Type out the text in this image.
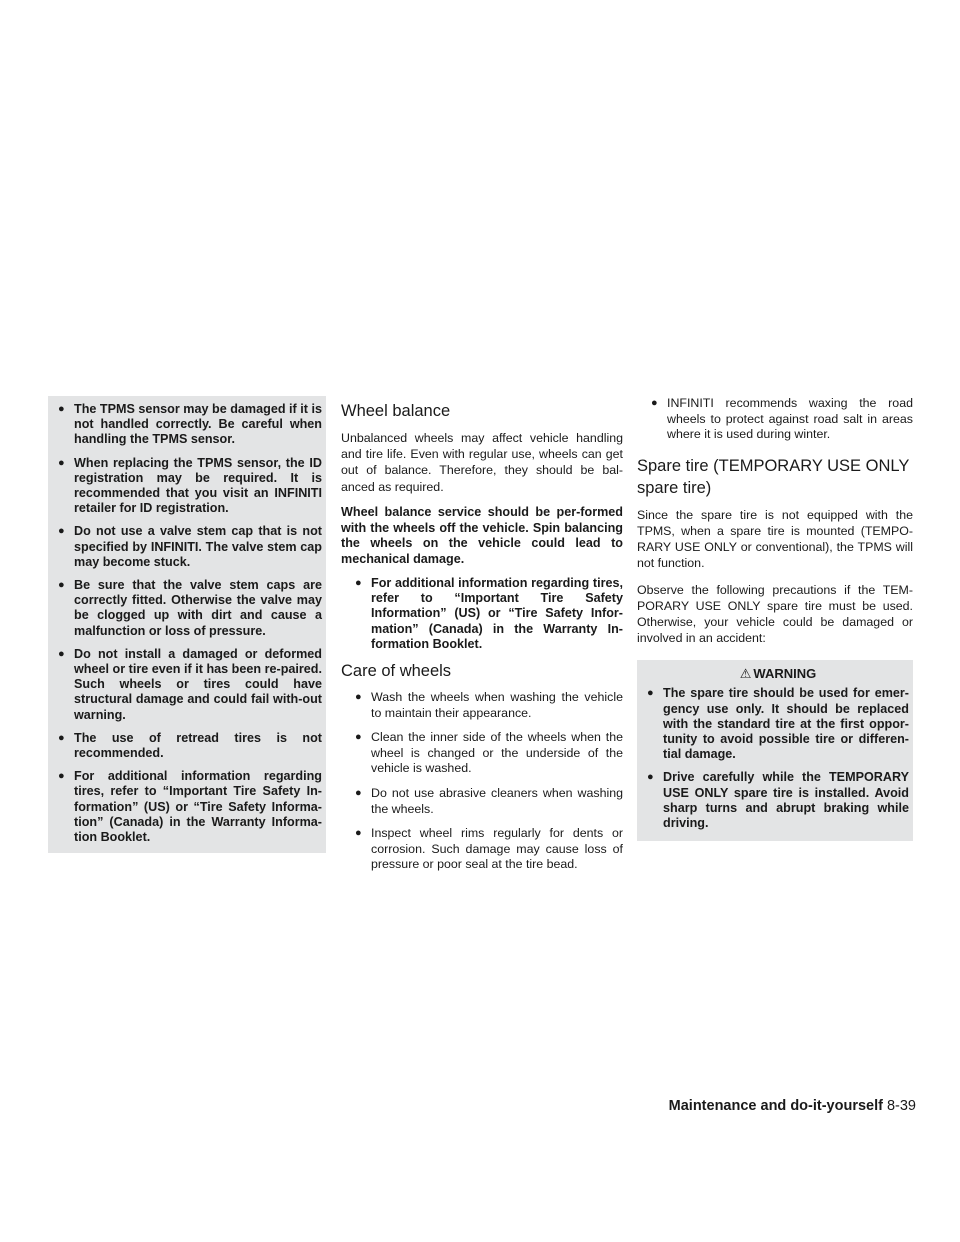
● The TPMS sensor may be damaged if it is not handled correctly. Be careful when handling the TPMS sensor.
● When replacing the TPMS sensor, the ID registration may be required. It is recommended that you visit an INFINITI retailer for ID registration.
● Do not use a valve stem cap that is not specified by INFINITI. The valve stem cap may become stuck.
● Be sure that the valve stem caps are correctly fitted. Otherwise the valve may be clogged up with dirt and cause a malfunction or loss of pressure.
● Do not install a damaged or deformed wheel or tire even if it has been re-paired. Such wheels or tires could have structural damage and could fail with-out warning.
● The use of retread tires is not recommended.
● For additional information regarding tires, refer to “Important Tire Safety In-formation” (US) or “Tire Safety Informa-tion” (Canada) in the Warranty Informa-tion Booklet.
Wheel balance

Unbalanced wheels may affect vehicle handling and tire life. Even with regular use, wheels can get out of balance. Therefore, they should be bal-anced as required.

Wheel balance service should be per-formed with the wheels off the vehicle. Spin balancing the wheels on the vehicle could lead to mechanical damage.

● For additional information regarding tires, refer to “Important Tire Safety Information” (US) or “Tire Safety Infor-mation” (Canada) in the Warranty In-formation Booklet.
Care of wheels
● Wash the wheels when washing the vehicle to maintain their appearance.
● Clean the inner side of the wheels when the wheel is changed or the underside of the vehicle is washed.
● Do not use abrasive cleaners when washing the wheels.
● Inspect wheel rims regularly for dents or corrosion. Such damage may cause loss of pressure or poor seal at the tire bead.
● INFINITI recommends waxing the road wheels to protect against road salt in areas where it is used during winter.
Spare tire (TEMPORARY USE ONLY spare tire)

Since the spare tire is not equipped with the TPMS, when a spare tire is mounted (TEMPO-RARY USE ONLY or conventional), the TPMS will not function.

Observe the following precautions if the TEM-PORARY USE ONLY spare tire must be used. Otherwise, your vehicle could be damaged or involved in an accident:

⚠ WARNING
● The spare tire should be used for emer-gency use only. It should be replaced with the standard tire at the first oppor-tunity to avoid possible tire or differen-tial damage.
● Drive carefully while the TEMPORARY USE ONLY spare tire is installed. Avoid sharp turns and abrupt braking while driving.
Maintenance and do-it-yourself 8-39
